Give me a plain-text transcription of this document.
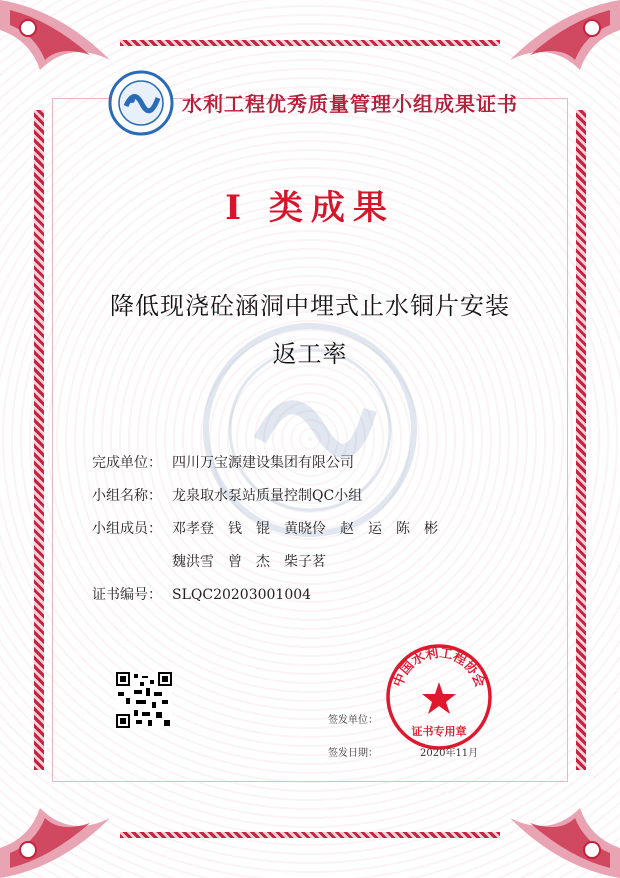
水利工程优秀质量管理小组成果证书
I 类成果
降低现浇砼涵洞中埋式止水铜片安装
返工率
完成单位： 四川万宝源建设集团有限公司
小组名称： 龙泉取水泵站质量控制QC小组
小组成员： 邓孝登 钱　锟 黄晓伶 赵　运 陈　彬
魏洪雪 曾　杰 柴子茗
证书编号： SLQC20203001004
中国水利工程协会
证书专用章
签发单位：
签发日期：	2020年11月
